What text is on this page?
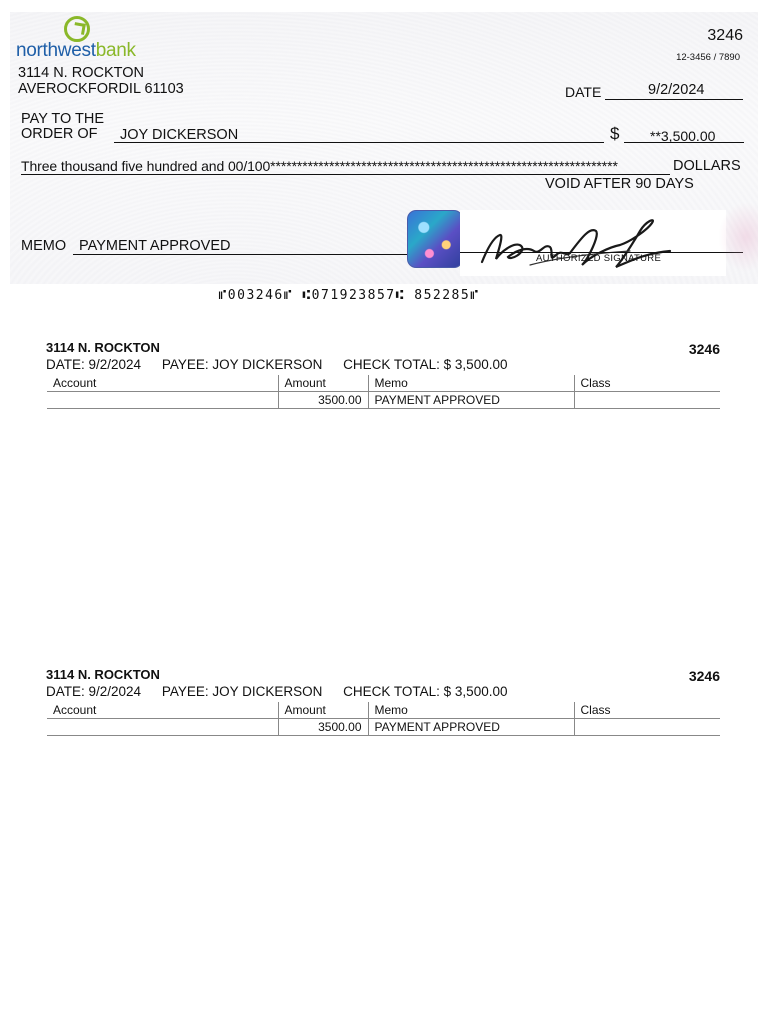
northwestbank
3114 N. ROCKTON
AVEROCKFORDIL 61103
3246
12-3456 / 7890
DATE	9/2/2024
PAY TO THE
ORDER OF	JOY DICKERSON	$ **3,500.00
Three thousand five hundred and 00/100*****************************************************************	DOLLARS
VOID AFTER 90 DAYS
MEMO PAYMENT APPROVED
AUTHORIZED SIGNATURE
⑈003246⑈ ⑆071923857⑆ 852285⑈
3114 N. ROCKTON	3246
DATE: 9/2/2024 PAYEE: JOY DICKERSON CHECK TOTAL: $ 3,500.00
Account	Amount	Memo	Class
	3500.00	PAYMENT APPROVED	
3114 N. ROCKTON	3246
DATE: 9/2/2024 PAYEE: JOY DICKERSON CHECK TOTAL: $ 3,500.00
Account	Amount	Memo	Class
	3500.00	PAYMENT APPROVED	
